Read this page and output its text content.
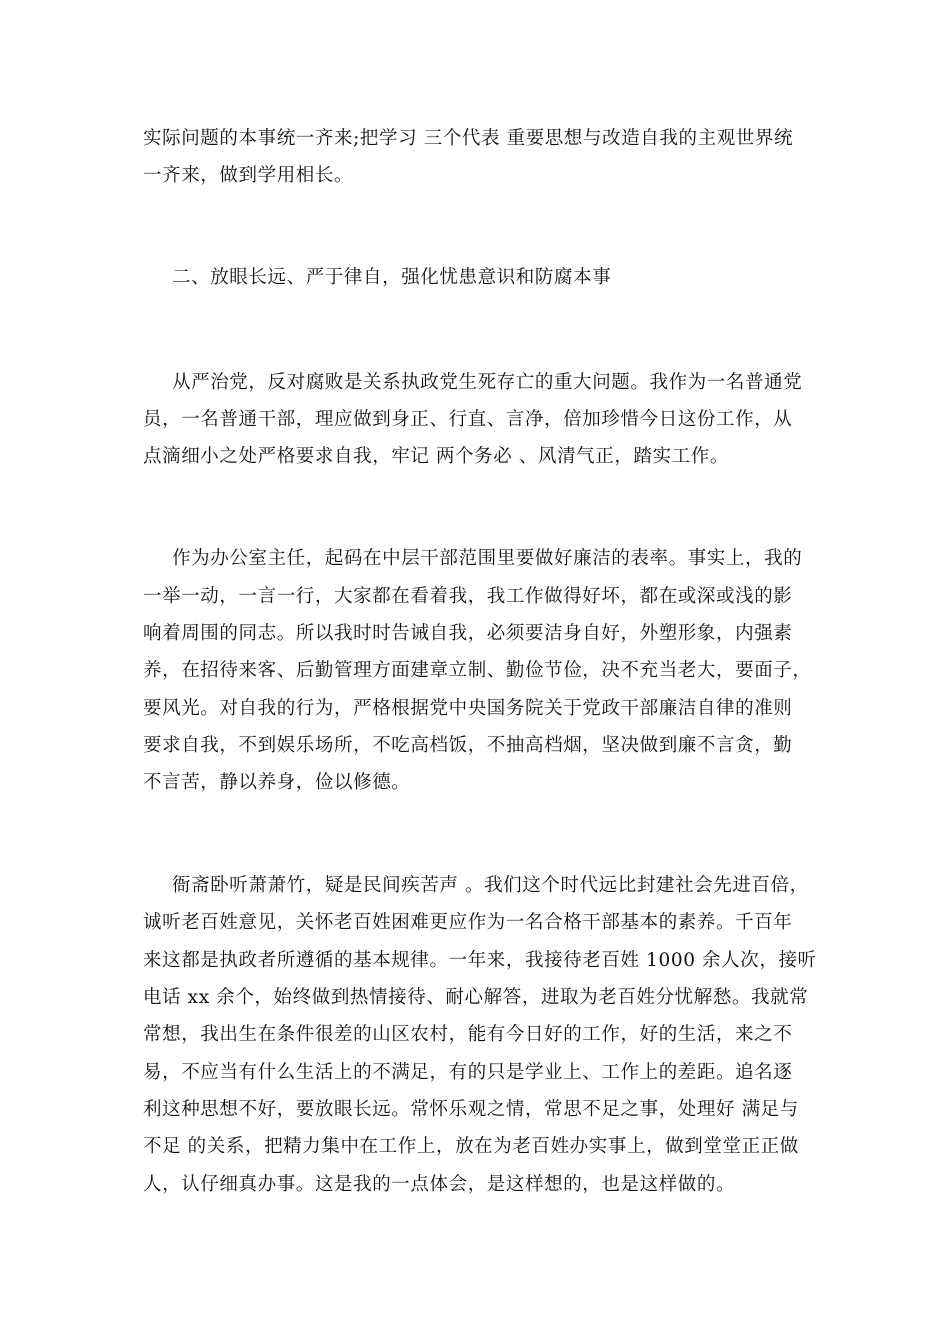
实际问题的本事统一齐来;把学习 三个代表 重要思想与改造自我的主观世界统
一齐来，做到学用相长。
二、放眼长远、严于律自，强化忧患意识和防腐本事
从严治党，反对腐败是关系执政党生死存亡的重大问题。我作为一名普通党
员，一名普通干部，理应做到身正、行直、言净，倍加珍惜今日这份工作，从
点滴细小之处严格要求自我，牢记 两个务必 、风清气正，踏实工作。
作为办公室主任，起码在中层干部范围里要做好廉洁的表率。事实上，我的
一举一动，一言一行，大家都在看着我，我工作做得好坏，都在或深或浅的影
响着周围的同志。所以我时时告诫自我，必须要洁身自好，外塑形象，内强素
养，在招待来客、后勤管理方面建章立制、勤俭节俭，决不充当老大，要面子，
要风光。对自我的行为，严格根据党中央国务院关于党政干部廉洁自律的准则
要求自我，不到娱乐场所，不吃高档饭，不抽高档烟，坚决做到廉不言贪，勤
不言苦，静以养身，俭以修德。
衙斋卧听萧萧竹，疑是民间疾苦声 。我们这个时代远比封建社会先进百倍，
诚听老百姓意见，关怀老百姓困难更应作为一名合格干部基本的素养。千百年
来这都是执政者所遵循的基本规律。一年来，我接待老百姓 1000 余人次，接听
电话 xx 余个，始终做到热情接待、耐心解答，进取为老百姓分忧解愁。我就常
常想，我出生在条件很差的山区农村，能有今日好的工作，好的生活，来之不
易，不应当有什么生活上的不满足，有的只是学业上、工作上的差距。追名逐
利这种思想不好，要放眼长远。常怀乐观之情，常思不足之事，处理好 满足与
不足 的关系，把精力集中在工作上，放在为老百姓办实事上，做到堂堂正正做
人，认仔细真办事。这是我的一点体会，是这样想的，也是这样做的。
